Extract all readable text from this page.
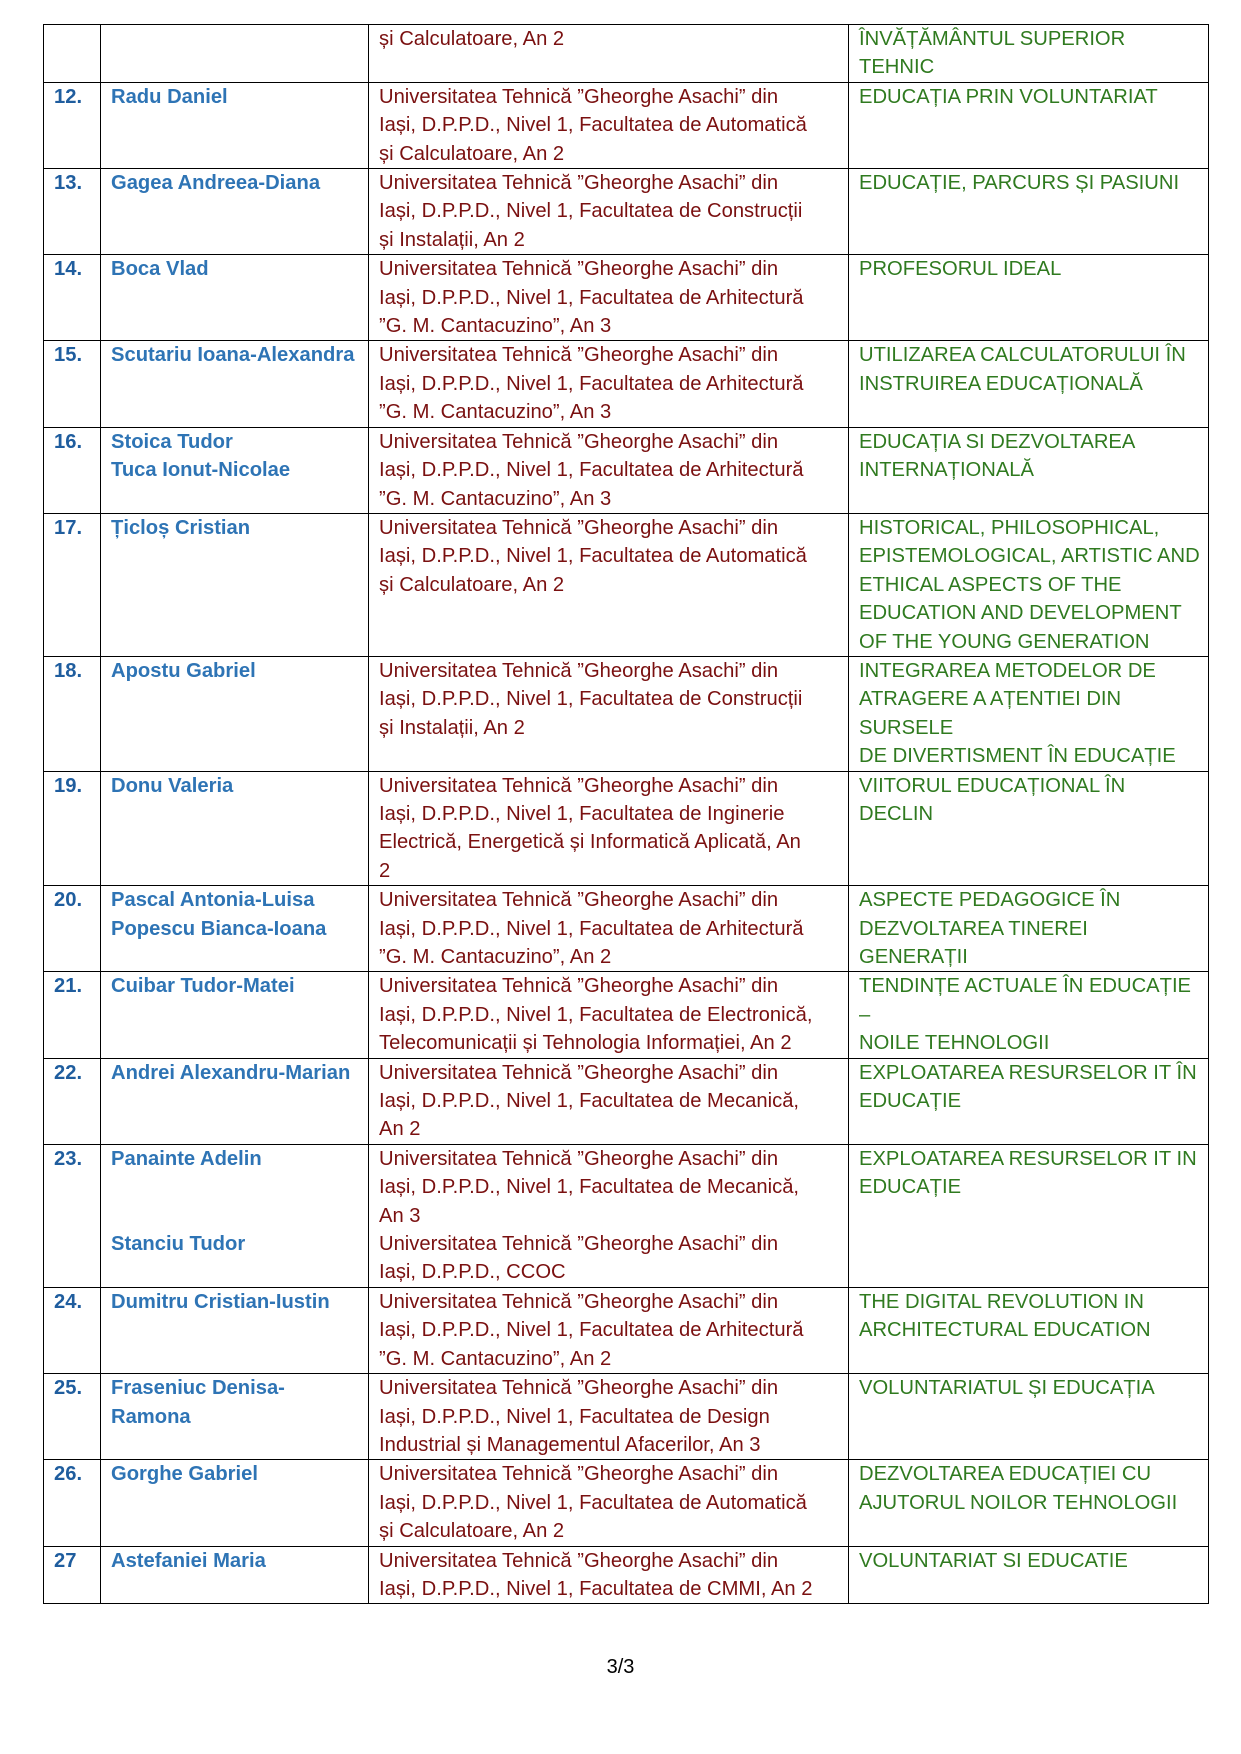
		și Calculatoare, An 2	ÎNVĂȚĂMÂNTUL SUPERIOR TEHNIC

12.	Radu Daniel	Universitatea Tehnică ”Gheorghe Asachi” din
Iași, D.P.P.D., Nivel 1, Facultatea de Automatică
și Calculatoare, An 2	EDUCAȚIA PRIN VOLUNTARIAT

13.	Gagea Andreea-Diana	Universitatea Tehnică ”Gheorghe Asachi” din
Iași, D.P.P.D., Nivel 1, Facultatea de Construcții
și Instalații, An 2	EDUCAȚIE, PARCURS ȘI PASIUNI

14.	Boca Vlad	Universitatea Tehnică ”Gheorghe Asachi” din
Iași, D.P.P.D., Nivel 1, Facultatea de Arhitectură
”G. M. Cantacuzino”, An 3	PROFESORUL IDEAL

15.	Scutariu Ioana-Alexandra	Universitatea Tehnică ”Gheorghe Asachi” din
Iași, D.P.P.D., Nivel 1, Facultatea de Arhitectură
”G. M. Cantacuzino”, An 3	UTILIZAREA CALCULATORULUI ÎN
INSTRUIREA EDUCAȚIONALĂ

16.	Stoica Tudor
Tuca Ionut-Nicolae	Universitatea Tehnică ”Gheorghe Asachi” din
Iași, D.P.P.D., Nivel 1, Facultatea de Arhitectură
”G. M. Cantacuzino”, An 3	EDUCAȚIA SI DEZVOLTAREA
INTERNAȚIONALĂ

17.	Țicloș Cristian	Universitatea Tehnică ”Gheorghe Asachi” din
Iași, D.P.P.D., Nivel 1, Facultatea de Automatică
și Calculatoare, An 2	HISTORICAL, PHILOSOPHICAL,
EPISTEMOLOGICAL, ARTISTIC AND
ETHICAL ASPECTS OF THE
EDUCATION AND DEVELOPMENT
OF THE YOUNG GENERATION

18.	Apostu Gabriel	Universitatea Tehnică ”Gheorghe Asachi” din
Iași, D.P.P.D., Nivel 1, Facultatea de Construcții
și Instalații, An 2	INTEGRAREA METODELOR DE
ATRAGERE A AȚENTIEI DIN SURSELE
DE DIVERTISMENT ÎN EDUCAȚIE

19.	Donu Valeria	Universitatea Tehnică ”Gheorghe Asachi” din
Iași, D.P.P.D., Nivel 1, Facultatea de Inginerie
Electrică, Energetică și Informatică Aplicată, An
2	VIITORUL EDUCAȚIONAL ÎN DECLIN

20.	Pascal Antonia-Luisa
Popescu Bianca-Ioana	Universitatea Tehnică ”Gheorghe Asachi” din
Iași, D.P.P.D., Nivel 1, Facultatea de Arhitectură
”G. M. Cantacuzino”, An 2	ASPECTE PEDAGOGICE ÎN
DEZVOLTAREA TINEREI GENERAȚII

21.	Cuibar Tudor-Matei	Universitatea Tehnică ”Gheorghe Asachi” din
Iași, D.P.P.D., Nivel 1, Facultatea de Electronică,
Telecomunicații și Tehnologia Informației, An 2	TENDINȚE ACTUALE ÎN EDUCAȚIE –
NOILE TEHNOLOGII

22.	Andrei Alexandru-Marian	Universitatea Tehnică ”Gheorghe Asachi” din
Iași, D.P.P.D., Nivel 1, Facultatea de Mecanică,
An 2	EXPLOATAREA RESURSELOR IT ÎN
EDUCAȚIE

23.	Panainte Adelin

Stanciu Tudor	Universitatea Tehnică ”Gheorghe Asachi” din
Iași, D.P.P.D., Nivel 1, Facultatea de Mecanică,
An 3
Universitatea Tehnică ”Gheorghe Asachi” din
Iași, D.P.P.D., CCOC	EXPLOATAREA RESURSELOR IT IN
EDUCAȚIE

24.	Dumitru Cristian-Iustin	Universitatea Tehnică ”Gheorghe Asachi” din
Iași, D.P.P.D., Nivel 1, Facultatea de Arhitectură
”G. M. Cantacuzino”, An 2	THE DIGITAL REVOLUTION IN
ARCHITECTURAL EDUCATION

25.	Fraseniuc Denisa-
Ramona	Universitatea Tehnică ”Gheorghe Asachi” din
Iași, D.P.P.D., Nivel 1, Facultatea de Design
Industrial și Managementul Afacerilor, An 3	VOLUNTARIATUL ȘI EDUCAȚIA

26.	Gorghe Gabriel	Universitatea Tehnică ”Gheorghe Asachi” din
Iași, D.P.P.D., Nivel 1, Facultatea de Automatică
și Calculatoare, An 2	DEZVOLTAREA EDUCAȚIEI CU
AJUTORUL NOILOR TEHNOLOGII

27	Astefaniei Maria	Universitatea Tehnică ”Gheorghe Asachi” din
Iași, D.P.P.D., Nivel 1, Facultatea de CMMI, An 2	VOLUNTARIAT SI EDUCATIE
3/3
